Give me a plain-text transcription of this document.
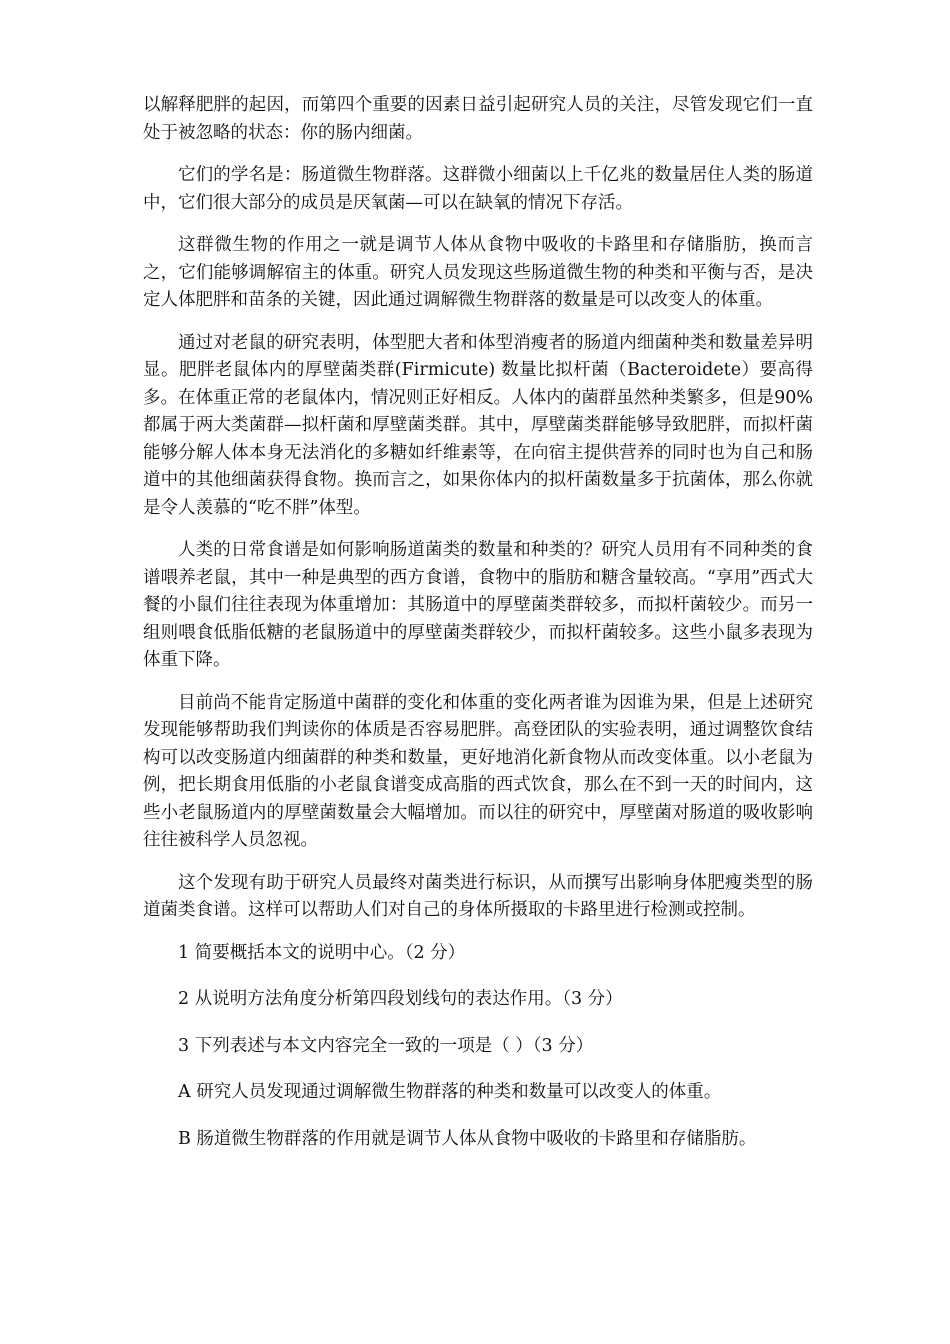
以解释肥胖的起因，而第四个重要的因素日益引起研究人员的关注，尽管发现它们一直处于被忽略的状态：你的肠内细菌。

它们的学名是：肠道微生物群落。这群微小细菌以上千亿兆的数量居住人类的肠道中，它们很大部分的成员是厌氧菌—可以在缺氧的情况下存活。

这群微生物的作用之一就是调节人体从食物中吸收的卡路里和存储脂肪，换而言之，它们能够调解宿主的体重。研究人员发现这些肠道微生物的种类和平衡与否，是决定人体肥胖和苗条的关键，因此通过调解微生物群落的数量是可以改变人的体重。

通过对老鼠的研究表明，体型肥大者和体型消瘦者的肠道内细菌种类和数量差异明显。肥胖老鼠体内的厚壁菌类群(Firmicute) 数量比拟杆菌（Bacteroidete）要高得多。在体重正常的老鼠体内，情况则正好相反。人体内的菌群虽然种类繁多，但是90%都属于两大类菌群—拟杆菌和厚壁菌类群。其中，厚壁菌类群能够导致肥胖，而拟杆菌能够分解人体本身无法消化的多糖如纤维素等，在向宿主提供营养的同时也为自己和肠道中的其他细菌获得食物。换而言之，如果你体内的拟杆菌数量多于抗菌体，那么你就是令人羡慕的“吃不胖”体型。

人类的日常食谱是如何影响肠道菌类的数量和种类的？研究人员用有不同种类的食谱喂养老鼠，其中一种是典型的西方食谱，食物中的脂肪和糖含量较高。“享用”西式大餐的小鼠们往往表现为体重增加：其肠道中的厚壁菌类群较多，而拟杆菌较少。而另一组则喂食低脂低糖的老鼠肠道中的厚壁菌类群较少，而拟杆菌较多。这些小鼠多表现为体重下降。

目前尚不能肯定肠道中菌群的变化和体重的变化两者谁为因谁为果，但是上述研究发现能够帮助我们判读你的体质是否容易肥胖。高登团队的实验表明，通过调整饮食结构可以改变肠道内细菌群的种类和数量，更好地消化新食物从而改变体重。以小老鼠为例，把长期食用低脂的小老鼠食谱变成高脂的西式饮食，那么在不到一天的时间内，这些小老鼠肠道内的厚壁菌数量会大幅增加。而以往的研究中，厚壁菌对肠道的吸收影响往往被科学人员忽视。

这个发现有助于研究人员最终对菌类进行标识，从而撰写出影响身体肥瘦类型的肠道菌类食谱。这样可以帮助人们对自己的身体所摄取的卡路里进行检测或控制。

1 简要概括本文的说明中心。（2 分）

2 从说明方法角度分析第四段划线句的表达作用。（3 分）

3 下列表述与本文内容完全一致的一项是（ ）（3 分）

A 研究人员发现通过调解微生物群落的种类和数量可以改变人的体重。

B 肠道微生物群落的作用就是调节人体从食物中吸收的卡路里和存储脂肪。
